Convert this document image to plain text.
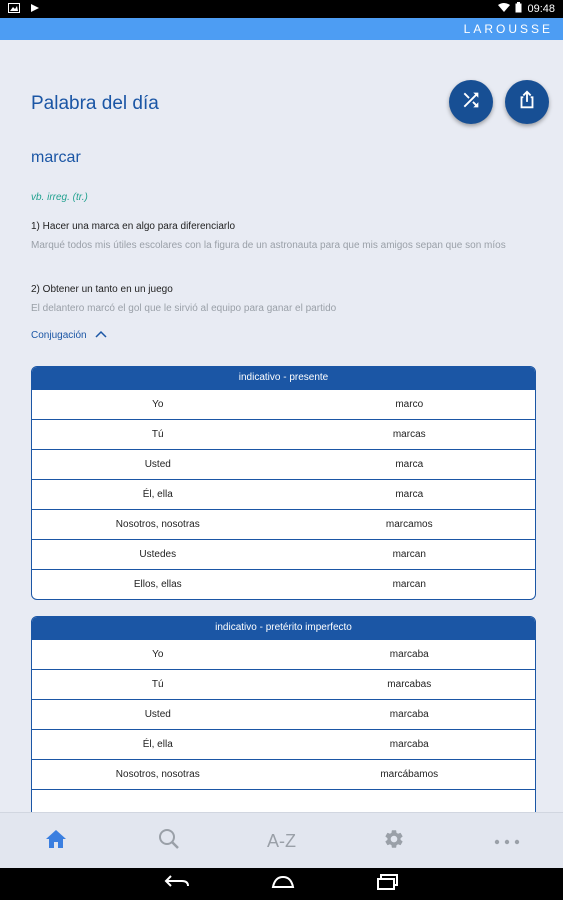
09:48
LAROUSSE
Palabra del día
marcar
vb. irreg. (tr.)
1) Hacer una marca en algo para diferenciarlo
Marqué todos mis útiles escolares con la figura de un astronauta para que mis amigos sepan que son míos
2) Obtener un tanto en un juego
El delantero marcó el gol que le sirvió al equipo para ganar el partido
Conjugación
indicativo - presente
Yo	marco
Tú	marcas
Usted	marca
Él, ella	marca
Nosotros, nosotras	marcamos
Ustedes	marcan
Ellos, ellas	marcan
indicativo - pretérito imperfecto
Yo	marcaba
Tú	marcabas
Usted	marcaba
Él, ella	marcaba
Nosotros, nosotras	marcábamos
A-Z
